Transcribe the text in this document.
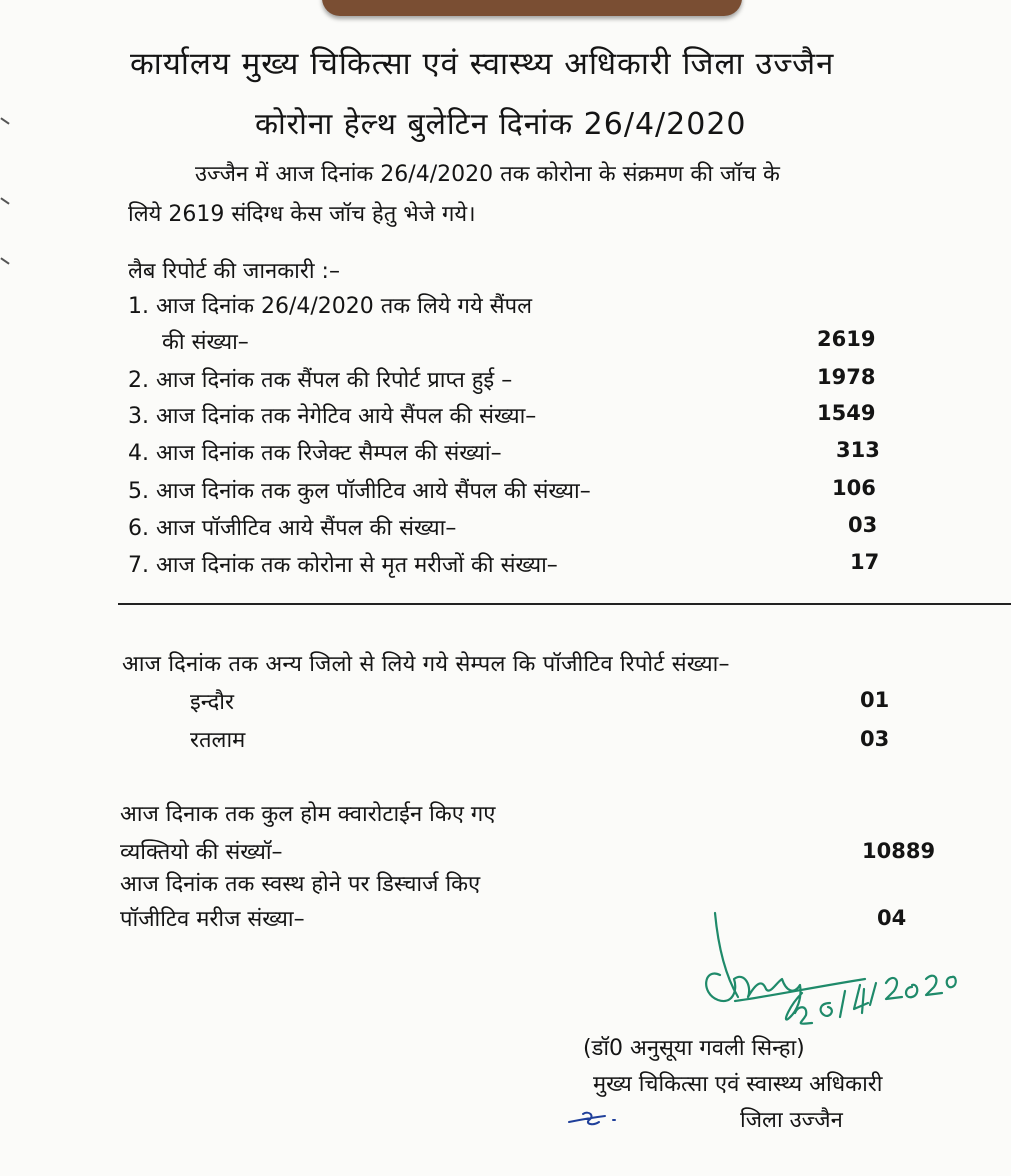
कार्यालय मुख्य चिकित्सा एवं स्वास्थ्य अधिकारी जिला उज्जैन
कोरोना हेल्थ बुलेटिन दिनांक 26/4/2020
उज्जैन में आज दिनांक 26/4/2020 तक कोरोना के संक्रमण की जॉच के
लिये 2619 संदिग्ध केस जॉच हेतु भेजे गये।
लैब रिपोर्ट की जानकारी :–
1. आज दिनांक 26/4/2020 तक लिये गये सैंपल
की संख्या–	2619
2. आज दिनांक तक सैंपल की रिपोर्ट प्राप्त हुई –	1978
3. आज दिनांक तक नेगेटिव आये सैंपल की संख्या–	1549
4. आज दिनांक तक रिजेक्ट सैम्पल की संख्यां–	313
5. आज दिनांक तक कुल पॉजीटिव आये सैंपल की संख्या–	106
6. आज पॉजीटिव आये सैंपल की संख्या–	03
7. आज दिनांक तक कोरोना से मृत मरीजों की संख्या–	17
आज दिनांक तक अन्य जिलो से लिये गये सेम्पल कि पॉजीटिव रिपोर्ट संख्या–
इन्दौर	01
रतलाम	03
आज दिनाक तक कुल होम क्वारोटाईन किए गए
व्यक्तियो की संख्यॉ–	10889
आज दिनांक तक स्वस्थ होने पर डिस्चार्ज किए
पॉजीटिव मरीज संख्या–	04
(डॉ0 अनुसूया गवली सिन्हा)
मुख्य चिकित्सा एवं स्वास्थ्य अधिकारी
जिला उज्जैन
